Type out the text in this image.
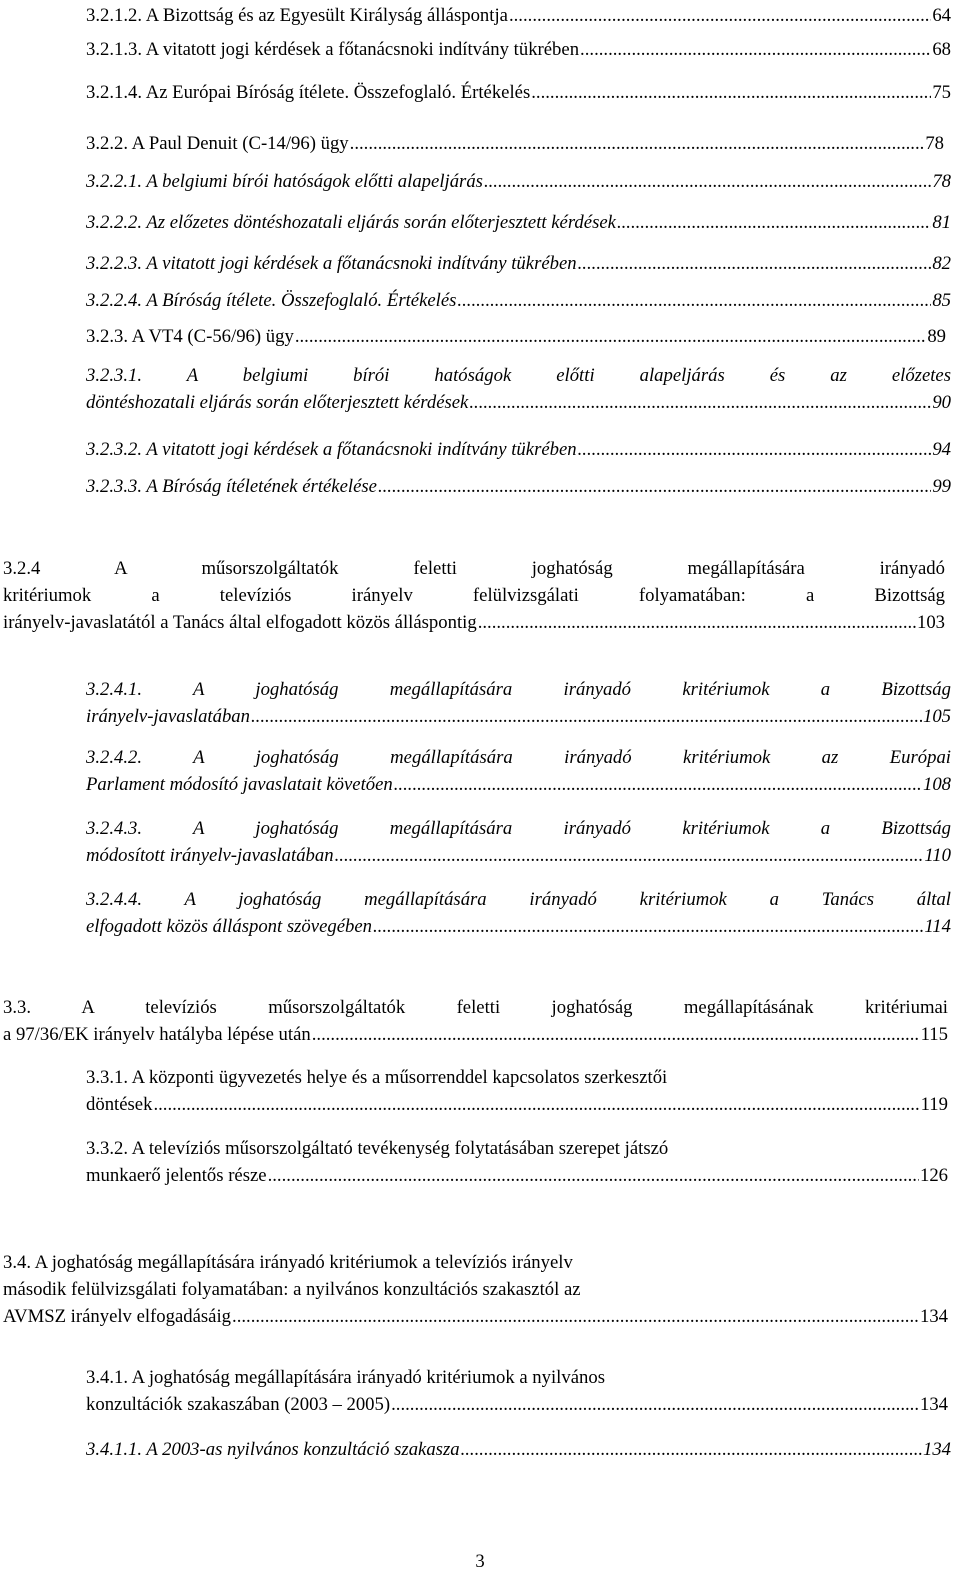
3.2.1.2. A Bizottság és az Egyesült Királyság álláspontja .....	64
3.2.1.3. A vitatott jogi kérdések a főtanácsnoki indítvány tükrében .....	68
3.2.1.4. Az Európai Bíróság ítélete. Összefoglaló. Értékelés .....	75
3.2.2. A Paul Denuit (C-14/96) ügy .....	78
3.2.2.1. A belgiumi bírói hatóságok előtti alapeljárás .....	78
3.2.2.2. Az előzetes döntéshozatali eljárás során előterjesztett kérdések .....	81
3.2.2.3. A vitatott jogi kérdések a főtanácsnoki indítvány tükrében .....	82
3.2.2.4. A Bíróság ítélete. Összefoglaló. Értékelés .....	85
3.2.3. A VT4 (C-56/96) ügy .....	89
3.2.3.1. A belgiumi bírói hatóságok előtti alapeljárás és az előzetes
döntéshozatali eljárás során előterjesztett kérdések .....	90
3.2.3.2. A vitatott jogi kérdések a főtanácsnoki indítvány tükrében .....	94
3.2.3.3. A Bíróság ítéletének értékelése .....	99
3.2.4 A műsorszolgáltatók feletti joghatóság megállapítására irányadó
kritériumok a televíziós irányelv felülvizsgálati folyamatában: a Bizottság
irányelv-javaslatától a Tanács által elfogadott közös álláspontig .....	103
3.2.4.1. A joghatóság megállapítására irányadó kritériumok a Bizottság
irányelv-javaslatában .....	105
3.2.4.2. A joghatóság megállapítására irányadó kritériumok az Európai
Parlament módosító javaslatait követően .....	108
3.2.4.3. A joghatóság megállapítására irányadó kritériumok a Bizottság
módosított irányelv-javaslatában .....	110
3.2.4.4. A joghatóság megállapítására irányadó kritériumok a Tanács által
elfogadott közös álláspont szövegében .....	114
3.3. A televíziós műsorszolgáltatók feletti joghatóság megállapításának kritériumai
a 97/36/EK irányelv hatályba lépése után .....	115
3.3.1. A központi ügyvezetés helye és a műsorrenddel kapcsolatos szerkesztői
döntések .....	119
3.3.2. A televíziós műsorszolgáltató tevékenység folytatásában szerepet játszó
munkaerő jelentős része .....	126
3.4. A joghatóság megállapítására irányadó kritériumok a televíziós irányelv
második felülvizsgálati folyamatában: a nyilvános konzultációs szakasztól az
AVMSZ irányelv elfogadásáig .....	134
3.4.1. A joghatóság megállapítására irányadó kritériumok a nyilvános
konzultációk szakaszában (2003 – 2005) .....	134
3.4.1.1. A 2003-as nyilvános konzultáció szakasza .....	134
3
